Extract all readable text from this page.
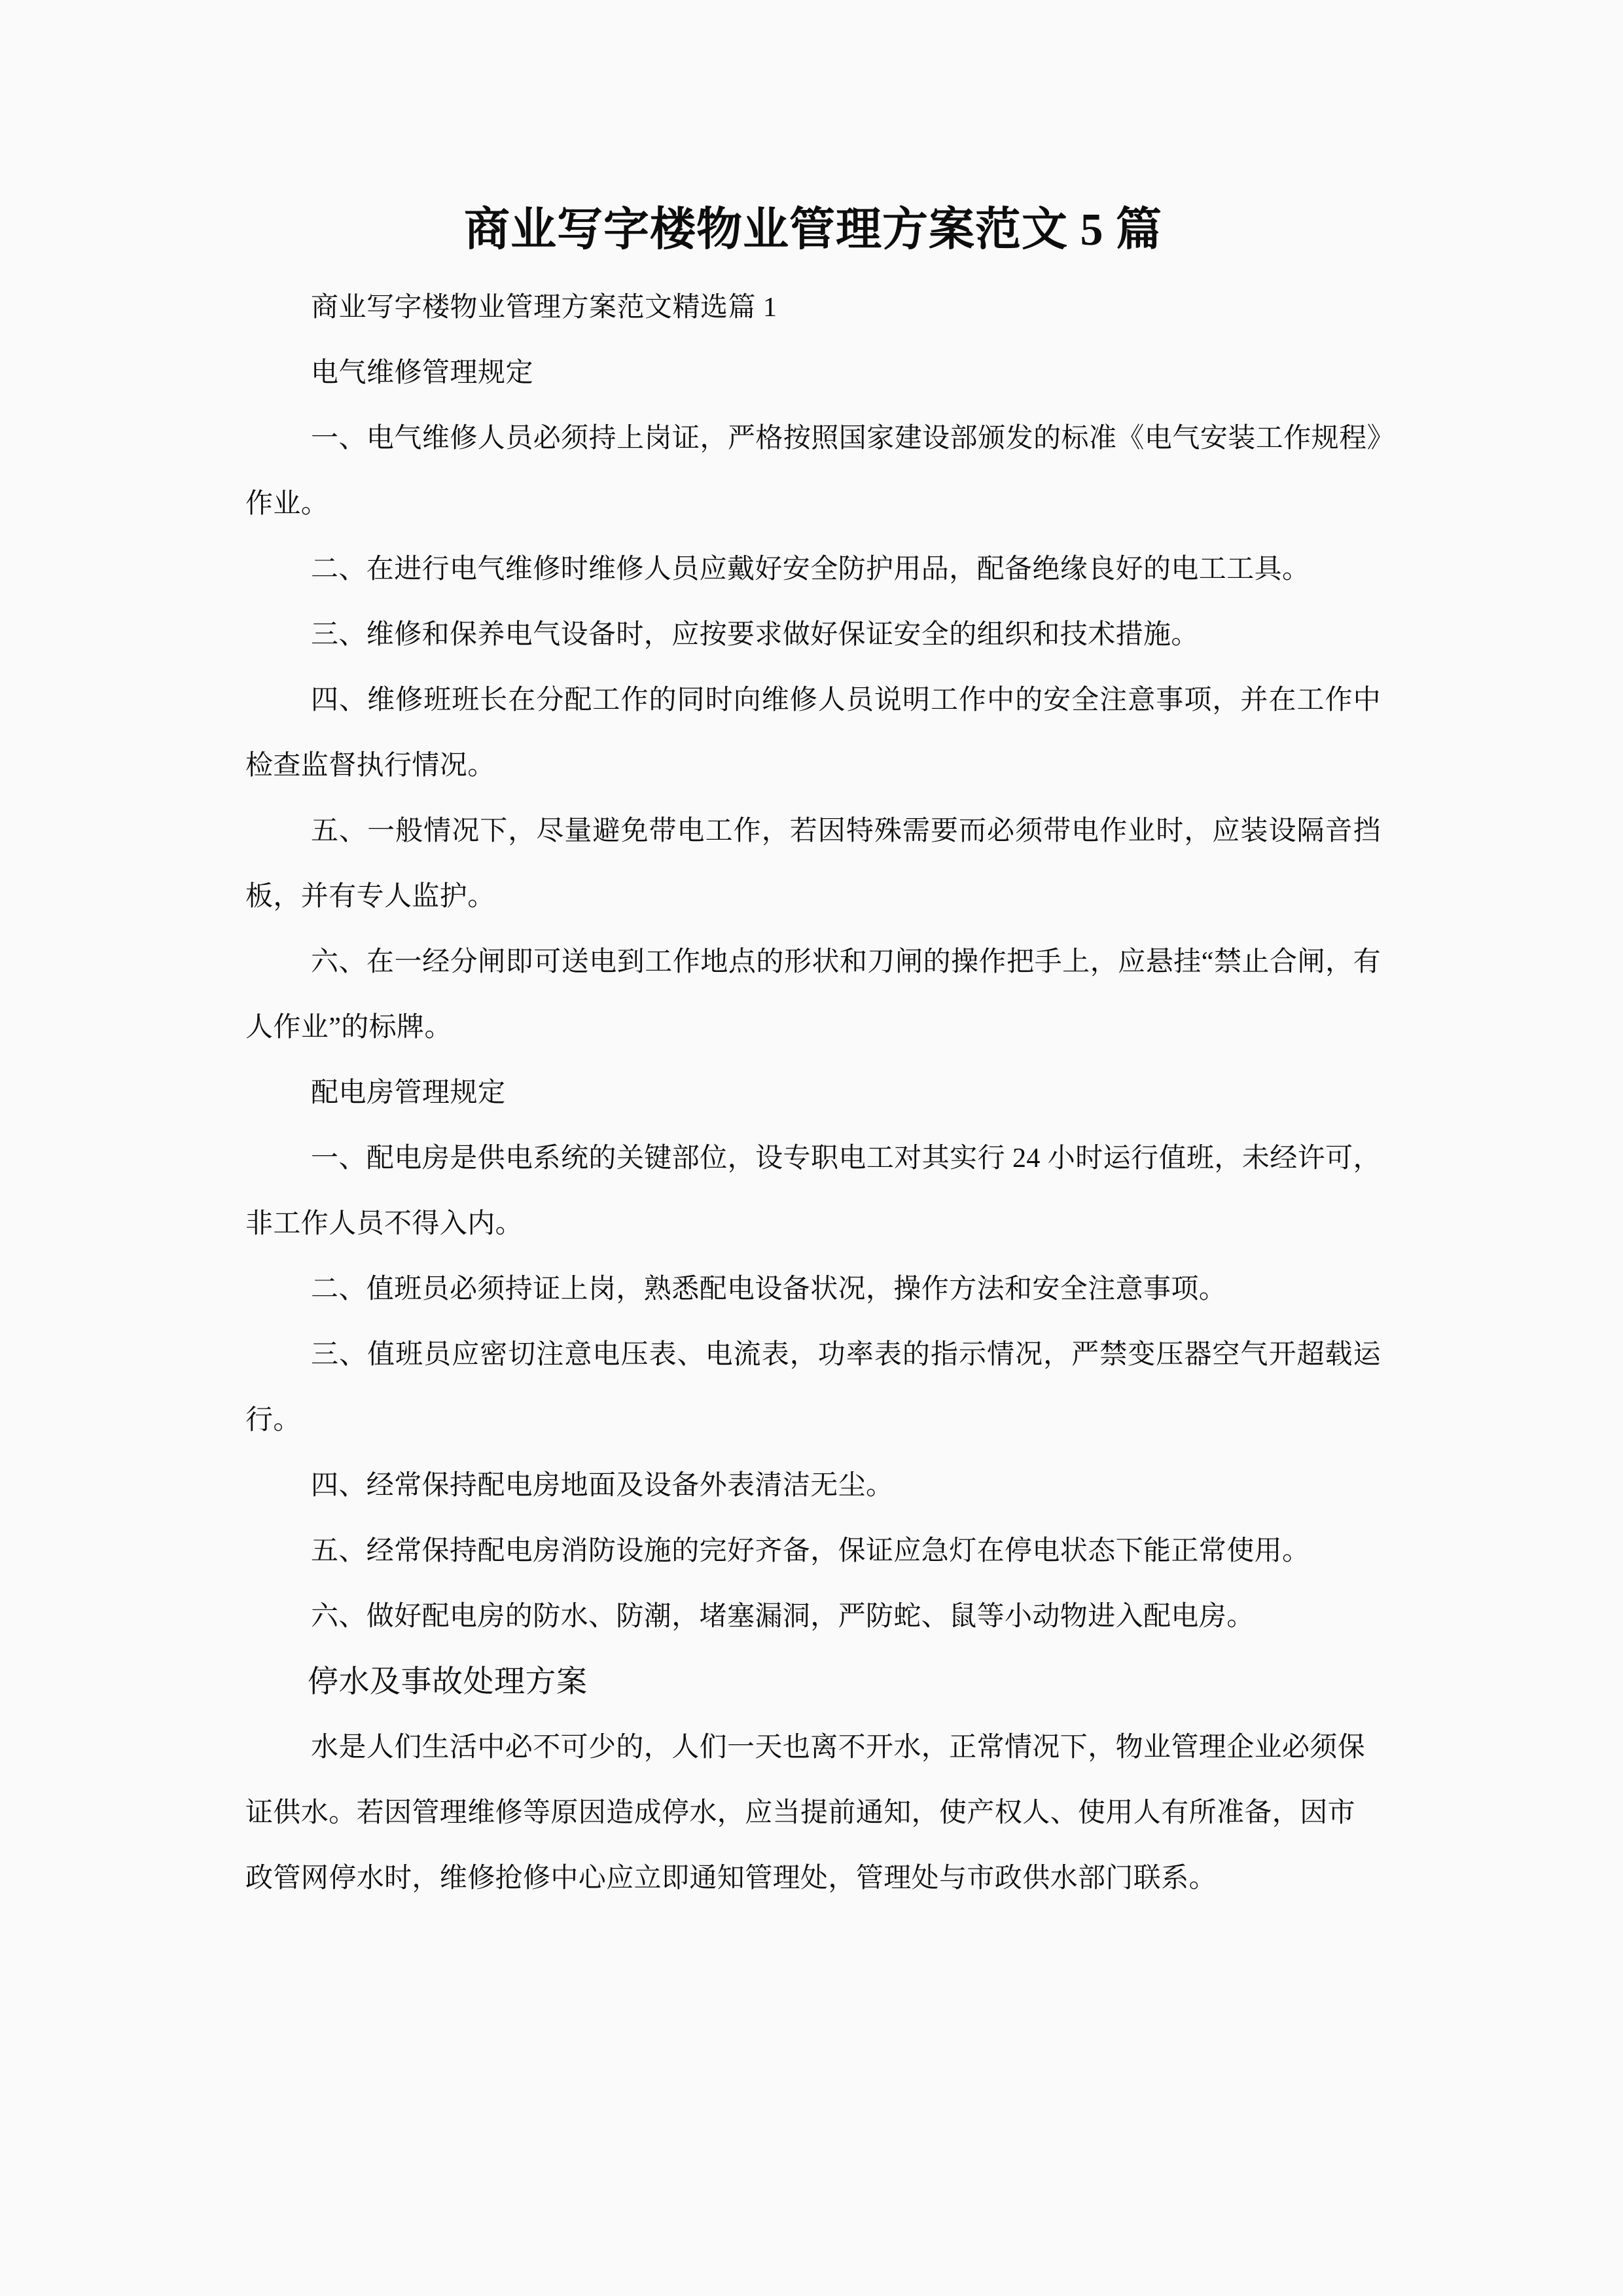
商业写字楼物业管理方案范文 5 篇

商业写字楼物业管理方案范文精选篇 1

电气维修管理规定

一、电气维修人员必须持上岗证，严格按照国家建设部颁发的标准《电气安装工作规程》作业。

二、在进行电气维修时维修人员应戴好安全防护用品，配备绝缘良好的电工工具。

三、维修和保养电气设备时，应按要求做好保证安全的组织和技术措施。

四、维修班班长在分配工作的同时向维修人员说明工作中的安全注意事项，并在工作中检查监督执行情况。

五、一般情况下，尽量避免带电工作，若因特殊需要而必须带电作业时，应装设隔音挡板，并有专人监护。

六、在一经分闸即可送电到工作地点的形状和刀闸的操作把手上，应悬挂“禁止合闸，有人作业”的标牌。

配电房管理规定

一、配电房是供电系统的关键部位，设专职电工对其实行 24 小时运行值班，未经许可，非工作人员不得入内。

二、值班员必须持证上岗，熟悉配电设备状况，操作方法和安全注意事项。

三、值班员应密切注意电压表、电流表，功率表的指示情况，严禁变压器空气开超载运行。

四、经常保持配电房地面及设备外表清洁无尘。

五、经常保持配电房消防设施的完好齐备，保证应急灯在停电状态下能正常使用。

六、做好配电房的防水、防潮，堵塞漏洞，严防蛇、鼠等小动物进入配电房。

停水及事故处理方案

水是人们生活中必不可少的，人们一天也离不开水，正常情况下，物业管理企业必须保证供水。若因管理维修等原因造成停水，应当提前通知，使产权人、使用人有所准备，因市政管网停水时，维修抢修中心应立即通知管理处，管理处与市政供水部门联系。
